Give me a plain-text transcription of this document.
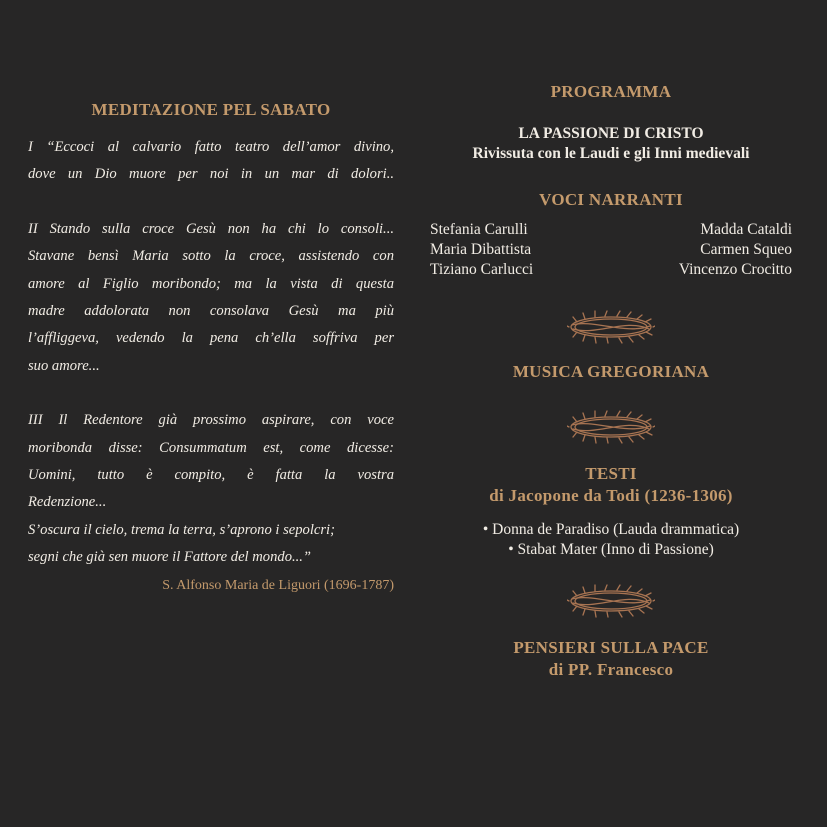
MEDITAZIONE PEL SABATO

I “Eccoci al calvario fatto teatro dell’amor divino,

dove un Dio muore per noi in un mar di dolori..

II Stando sulla croce Gesù non ha chi lo consoli...

Stavane bensì Maria sotto la croce, assistendo con

amore al Figlio moribondo; ma la vista di questa

madre addolorata non consolava Gesù ma più

l’affliggeva, vedendo la pena ch’ella soffriva per

suo amore...

III Il Redentore già prossimo aspirare, con voce

moribonda disse: Consummatum est, come dicesse:

Uomini, tutto è compito, è fatta la vostra

Redenzione...

S’oscura il cielo, trema la terra, s’aprono i sepolcri;

segni che già sen muore il Fattore del mondo...”

S. Alfonso Maria de Liguori (1696-1787)
PROGRAMMA
LA PASSIONE DI CRISTO
Rivissuta con le Laudi e gli Inni medievali
VOCI NARRANTI
Stefania Carulli
Maria Dibattista
Tiziano Carlucci
Madda Cataldi
Carmen Squeo
Vincenzo Crocitto
MUSICA GREGORIANA
TESTI
di Jacopone da Todi (1236-1306)
• Donna de Paradiso (Lauda drammatica)
• Stabat Mater (Inno di Passione)
PENSIERI SULLA PACE
di PP. Francesco
